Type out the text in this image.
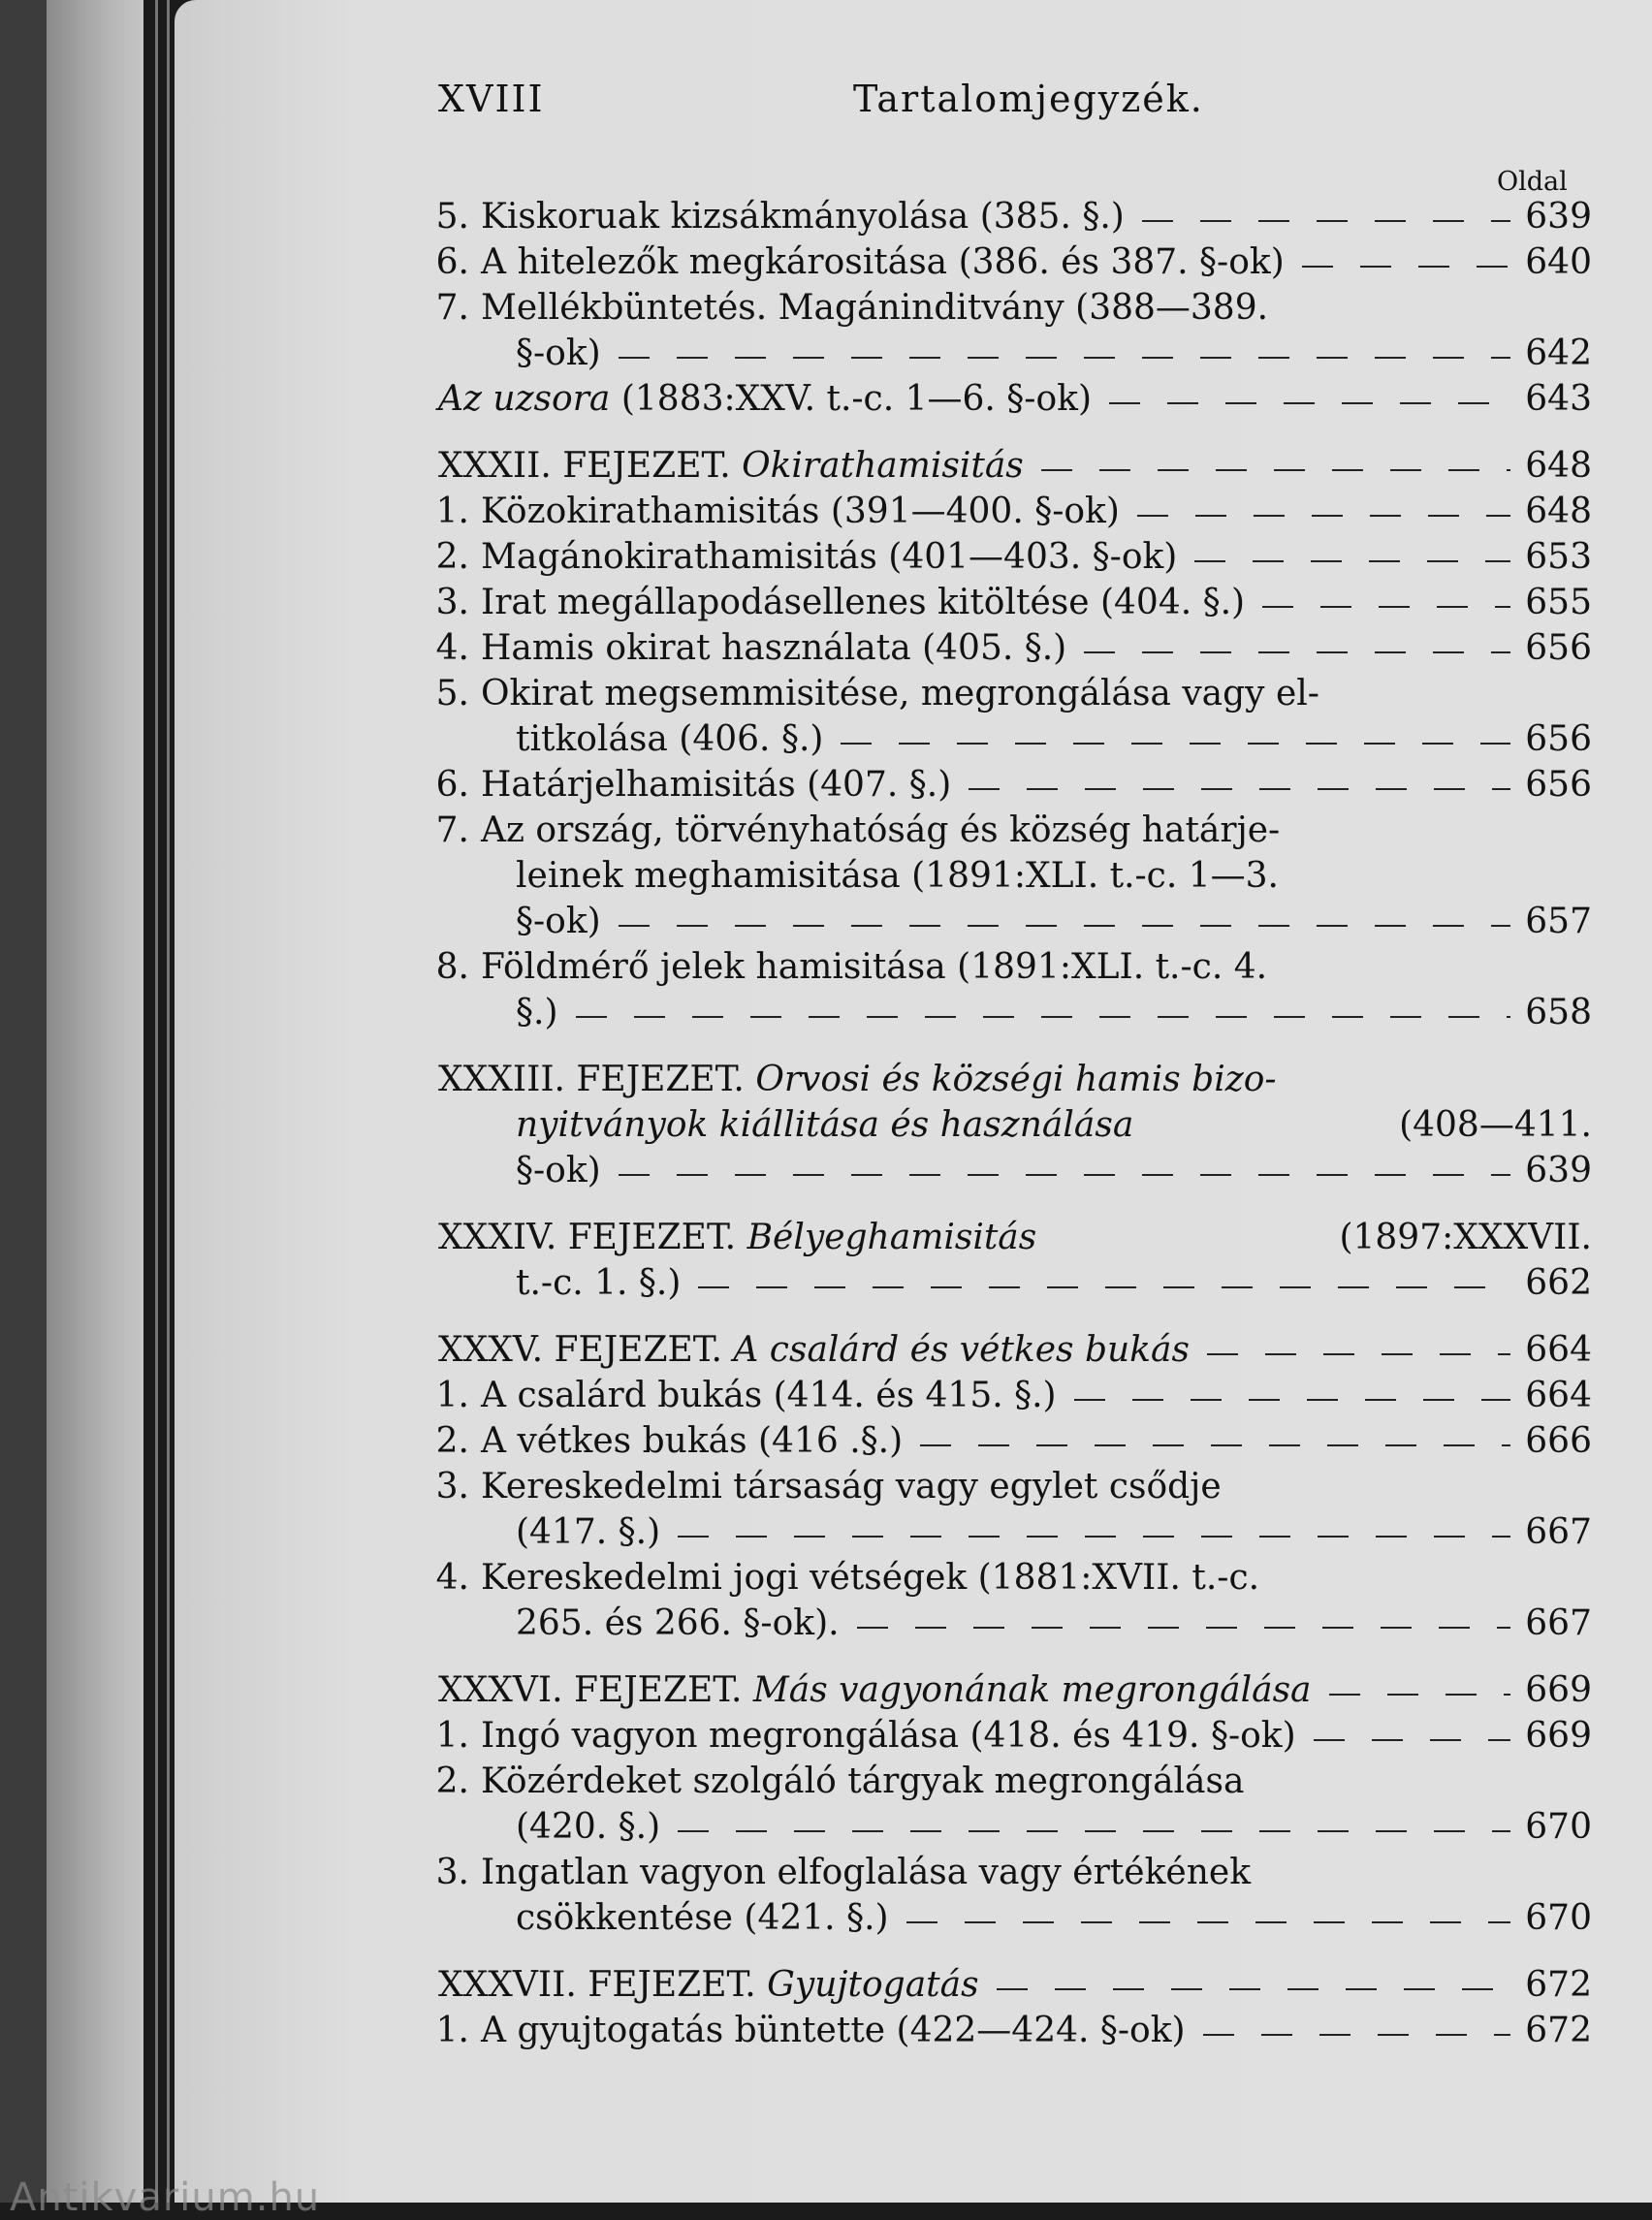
XVIII	Tartalomjegyzék.
Oldal
5. Kiskoruak kizsákmányolása (385. §.)	639
6. A hitelezők megkárositása (386. és 387. §-ok)	640
7. Mellékbüntetés. Magáninditvány (388—389.
§-ok)	642
Az uzsora
(1883:XXV. t.-c. 1—6. §-ok)	643
XXXII. FEJEZET.
Okirathamisitás	648
1. Közokirathamisitás (391—400. §-ok)	648
2. Magánokirathamisitás (401—403. §-ok)	653
3. Irat megállapodásellenes kitöltése (404. §.)	655
4. Hamis okirat használata (405. §.)	656
5. Okirat megsemmisitése, megrongálása vagy el-
titkolása (406. §.)	656
6. Határjelhamisitás (407. §.)	656
7. Az ország, törvényhatóság és község határje-
leinek meghamisitása (1891:XLI. t.-c. 1—3.
§-ok)	657
8. Földmérő jelek hamisitása (1891:XLI. t.-c. 4.
§.)	658
XXXIII. FEJEZET.
Orvosi és községi hamis bizo-
nyitványok kiállitása és használása	(408—411.
§-ok)	639
XXXIV. FEJEZET.
Bélyeghamisitás	(1897:XXXVII.
t.-c. 1. §.)	662
XXXV. FEJEZET.
A csalárd és vétkes bukás	664
1. A csalárd bukás (414. és 415. §.)	664
2. A vétkes bukás (416 .§.)	666
3. Kereskedelmi társaság vagy egylet csődje
(417. §.)	667
4. Kereskedelmi jogi vétségek (1881:XVII. t.-c.
265. és 266. §-ok).	667
XXXVI. FEJEZET.
Más vagyonának megrongálása	669
1. Ingó vagyon megrongálása (418. és 419. §-ok)	669
2. Közérdeket szolgáló tárgyak megrongálása
(420. §.)	670
3. Ingatlan vagyon elfoglalása vagy értékének
csökkentése (421. §.)	670
XXXVII. FEJEZET.
Gyujtogatás	672
1. A gyujtogatás büntette (422—424. §-ok)	672
Antikvarium.hu
